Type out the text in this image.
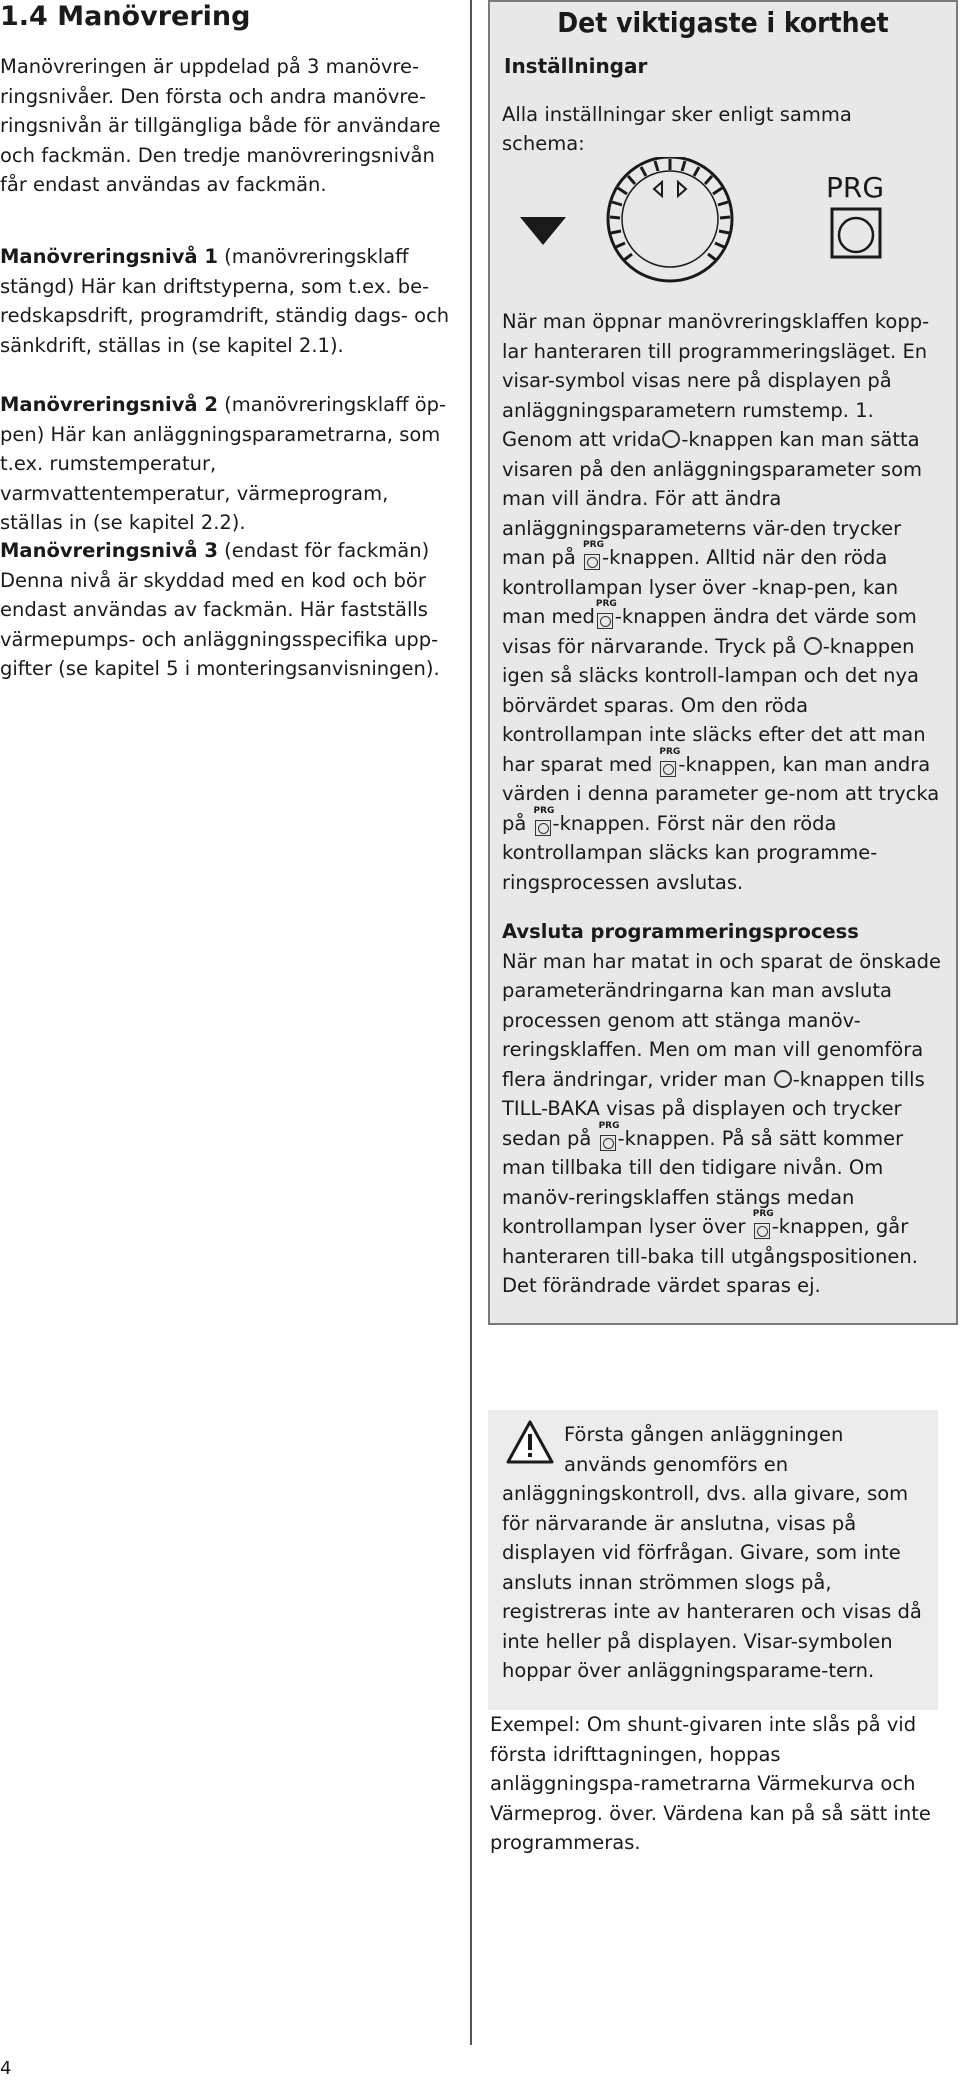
1.4 Manövrering

Manövreringen är uppdelad på 3 manövre-ringsnivåer. Den första och andra manövre-ringsnivån är tillgängliga både för användare och fackmän. Den tredje manövreringsnivån får endast användas av fackmän.

Manövreringsnivå 1 (manövreringsklaff stängd) Här kan driftstyperna, som t.ex. be-redskapsdrift, programdrift, ständig dags- och sänkdrift, ställas in (se kapitel 2.1).

Manövreringsnivå 2 (manövreringsklaff öp-pen) Här kan anläggningsparametrarna, som t.ex. rumstemperatur, varmvattentemperatur, värmeprogram, ställas in (se kapitel 2.2).

Manövreringsnivå 3 (endast för fackmän) Denna nivå är skyddad med en kod och bör endast användas av fackmän. Här fastställs värmepumps- och anläggningsspecifika upp-gifter (se kapitel 5 i monteringsanvisningen).

4
Det viktigaste i korthet
Inställningar
Alla inställningar sker enligt samma schema:
PRG
När man öppnar manövreringsklaffen kopp-lar hanteraren till programmeringsläget. En visar-symbol visas nere på displayen på anläggningsparametern rumstemp. 1. Genom att vrida -knappen kan man sätta visaren på den anläggningsparameter som man vill ändra. För att ändra anläggningsparameterns vär-den trycker man på
PRG
-knappen. Alltid när den röda kontrollampan lyser över -knap-pen, kan man med
PRG
-knappen ändra det värde som visas för närvarande. Tryck på -knappen igen så släcks kontroll-lampan och det nya börvärdet sparas. Om den röda kontrollampan inte släcks efter det att man har sparat med
PRG
-knappen, kan man andra värden i denna parameter ge-nom att trycka på
PRG
-knappen. Först när den röda kontrollampan släcks kan programme-ringsprocessen avslutas.
Avsluta programmeringsprocess
När man har matat in och sparat de önskade parameterändringarna kan man avsluta processen genom att stänga manöv-reringsklaffen. Men om man vill genomföra flera ändringar, vrider man -knappen tills TILL-BAKA visas på displayen och trycker sedan på
PRG
-knappen. På så sätt kommer man tillbaka till den tidigare nivån. Om manöv-reringsklaffen stängs medan kontrollampan lyser över
PRG
-knappen, går hanteraren till-baka till utgångspositionen. Det förändrade värdet sparas ej.
Första gången anläggningen används genomförs en anläggningskontroll, dvs. alla givare, som för närvarande är anslutna, visas på displayen vid förfrågan. Givare, som inte ansluts innan strömmen slogs på, registreras inte av hanteraren och visas då inte heller på displayen. Visar-symbolen hoppar över anläggningsparame-tern.
Exempel: Om shunt-givaren inte slås på vid första idrifttagningen, hoppas anläggningspa-rametrarna Värmekurva och Värmeprog. över. Värdena kan på så sätt inte programmeras.
